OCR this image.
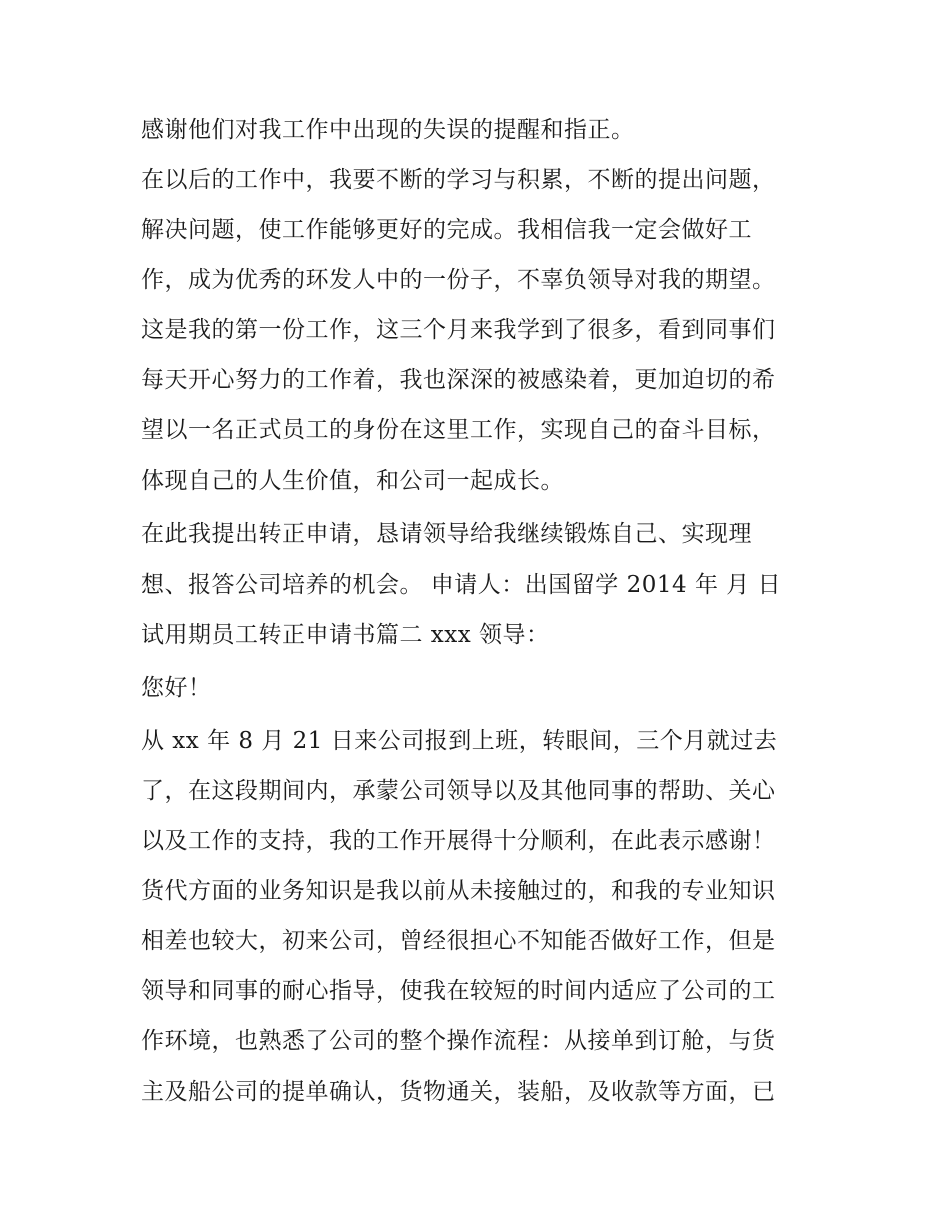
感谢他们对我工作中出现的失误的提醒和指正。
在以后的工作中，我要不断的学习与积累，不断的提出问题，
解决问题，使工作能够更好的完成。我相信我一定会做好工
作，成为优秀的环发人中的一份子，不辜负领导对我的期望。
这是我的第一份工作，这三个月来我学到了很多，看到同事们
每天开心努力的工作着，我也深深的被感染着，更加迫切的希
望以一名正式员工的身份在这里工作，实现自己的奋斗目标，
体现自己的人生价值，和公司一起成长。
在此我提出转正申请，恳请领导给我继续锻炼自己、实现理
想、报答公司培养的机会。 申请人：出国留学 2014 年 月 日
试用期员工转正申请书篇二 xxx 领导：
您好！
从 xx 年 8 月 21 日来公司报到上班，转眼间，三个月就过去
了，在这段期间内，承蒙公司领导以及其他同事的帮助、关心
以及工作的支持，我的工作开展得十分顺利，在此表示感谢！
货代方面的业务知识是我以前从未接触过的，和我的专业知识
相差也较大，初来公司，曾经很担心不知能否做好工作，但是
领导和同事的耐心指导，使我在较短的时间内适应了公司的工
作环境，也熟悉了公司的整个操作流程：从接单到订舱，与货
主及船公司的提单确认，货物通关，装船，及收款等方面，已
